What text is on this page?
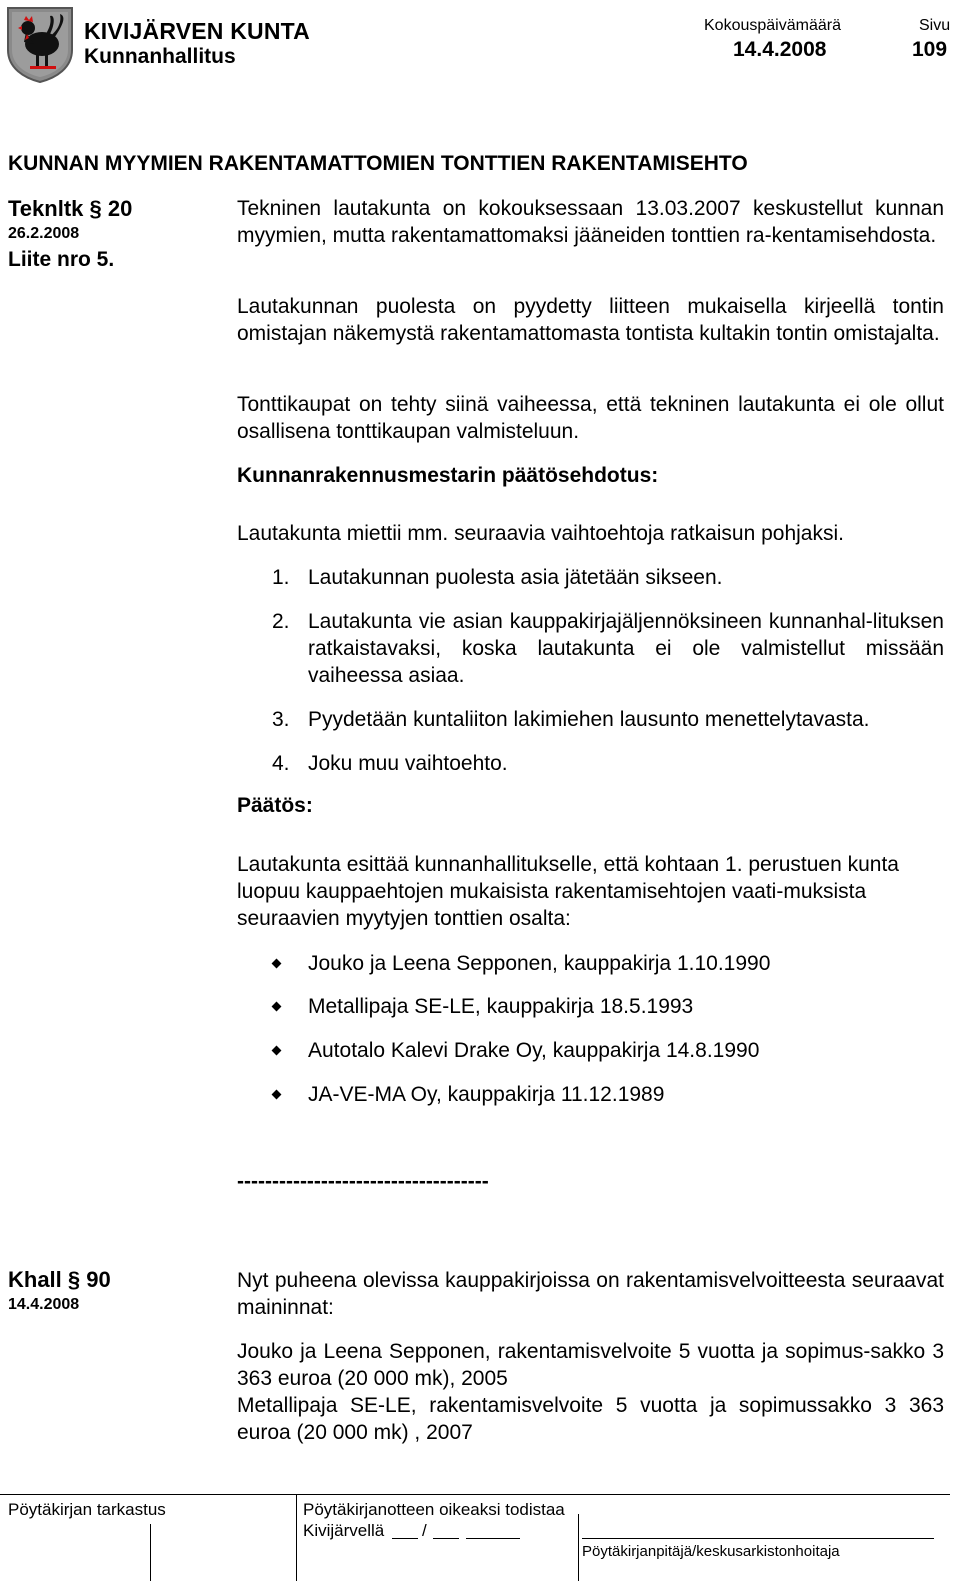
KIVIJÄRVEN KUNTA
Kunnanhallitus
Kokouspäivämäärä
14.4.2008
Sivu
109
KUNNAN MYYMIEN RAKENTAMATTOMIEN TONTTIEN RAKENTAMISEHTO
Teknltk § 20
26.2.2008
Liite nro 5.
Tekninen lautakunta on kokouksessaan 13.03.2007 keskustellut kunnan myymien, mutta rakentamattomaksi jääneiden tonttien ra-kentamisehdosta.
Lautakunnan puolesta on pyydetty liitteen mukaisella kirjeellä tontin omistajan näkemystä rakentamattomasta tontista kultakin tontin omistajalta.
Tonttikaupat on tehty siinä vaiheessa, että tekninen lautakunta ei ole ollut osallisena tonttikaupan valmisteluun.
Kunnanrakennusmestarin päätösehdotus:
Lautakunta miettii mm. seuraavia vaihtoehtoja ratkaisun pohjaksi.
1. Lautakunnan puolesta asia jätetään sikseen.
2. Lautakunta vie asian kauppakirjajäljennöksineen kunnanhal-lituksen ratkaistavaksi, koska lautakunta ei ole valmistellut missään vaiheessa asiaa.
3. Pyydetään kuntaliiton lakimiehen lausunto menettelytavasta.
4. Joku muu vaihtoehto.
Päätös:
Lautakunta esittää kunnanhallitukselle, että kohtaan 1. perustuen kunta luopuu kauppaehtojen mukaisista rakentamisehtojen vaati-muksista seuraavien myytyjen tonttien osalta:
Jouko ja Leena Sepponen, kauppakirja 1.10.1990
Metallipaja SE-LE, kauppakirja 18.5.1993
Autotalo Kalevi Drake Oy, kauppakirja 14.8.1990
JA-VE-MA Oy, kauppakirja 11.12.1989
------------------------------------
Khall § 90
14.4.2008
Nyt puheena olevissa kauppakirjoissa on rakentamisvelvoitteesta seuraavat maininnat:
Jouko ja Leena Sepponen, rakentamisvelvoite 5 vuotta ja sopimus-sakko 3 363 euroa (20 000 mk), 2005
Metallipaja SE-LE, rakentamisvelvoite 5 vuotta ja sopimussakko 3 363 euroa (20 000 mk) , 2007
Pöytäkirjan tarkastus	Pöytäkirjanotteen oikeaksi todistaa
Kivijärvellä /
Pöytäkirjanpitäjä/keskusarkistonhoitaja
